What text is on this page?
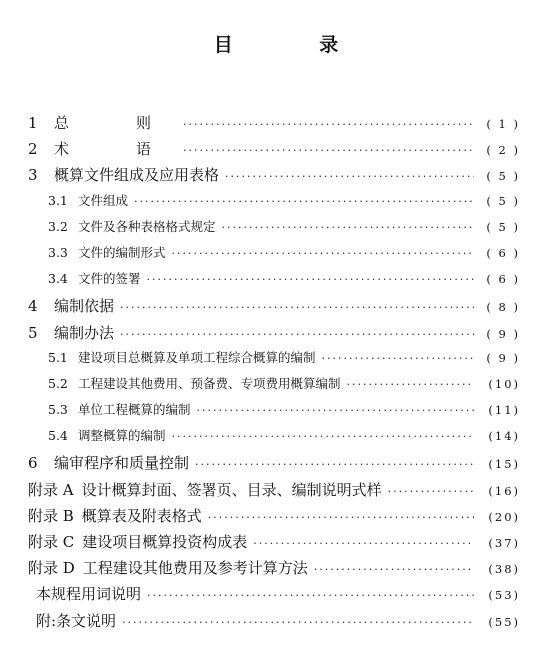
目 录
1	总　则 ·····	( 1 )
2	术　语 ·····	( 2 )
3	概算文件组成及应用表格 ·····	( 5 )
3.1 文件组成 ·····	( 5 )
3.2 文件及各种表格格式规定 ·····	( 5 )
3.3 文件的编制形式 ·····	( 6 )
3.4 文件的签署 ·····	( 6 )
4	编制依据 ·····	( 8 )
5	编制办法 ·····	( 9 )
5.1 建设项目总概算及单项工程综合概算的编制 ·····	( 9 )
5.2 工程建设其他费用、预备费、专项费用概算编制 ·····	(10)
5.3 单位工程概算的编制 ·····	(11)
5.4 调整概算的编制 ·····	(14)
6	编审程序和质量控制 ·····	(15)
附录 A 设计概算封面、签署页、目录、编制说明式样 ·····	(16)
附录 B 概算表及附表格式 ·····	(20)
附录 C 建设项目概算投资构成表 ·····	(37)
附录 D 工程建设其他费用及参考计算方法 ·····	(38)
本规程用词说明 ·····	(53)
附:条文说明 ·····	(55)
